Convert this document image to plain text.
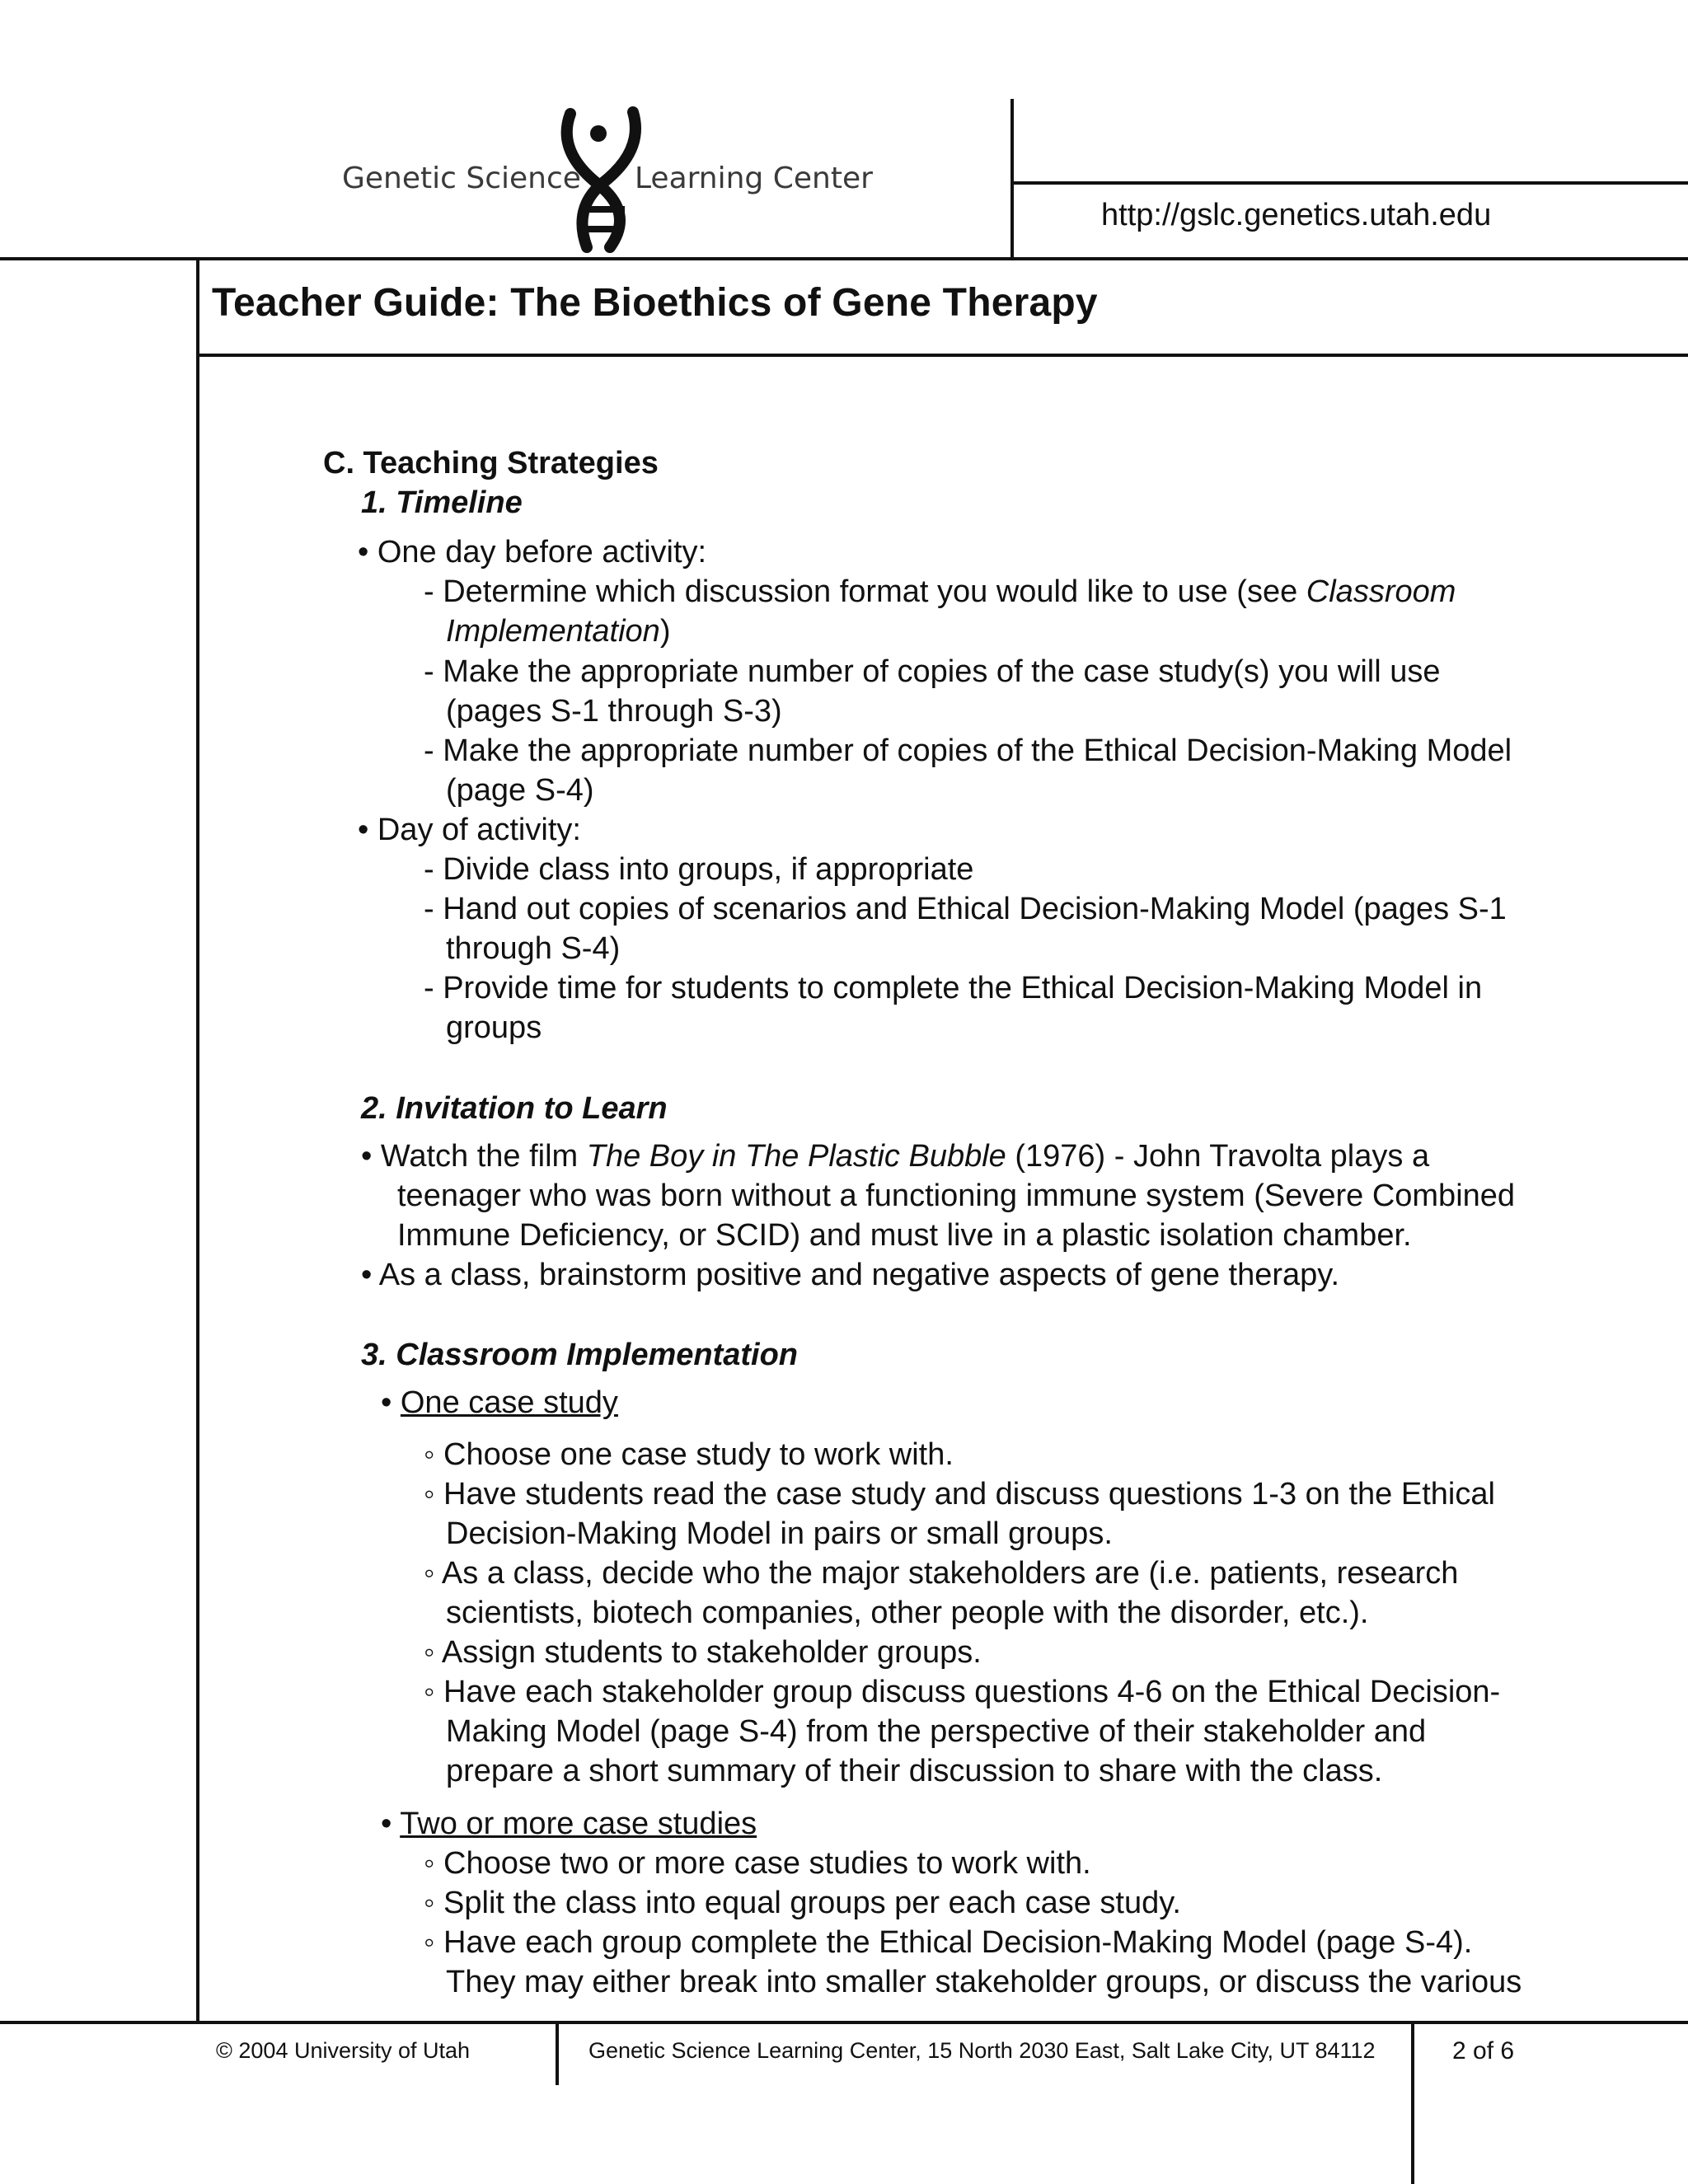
Genetic Science Learning Center
http://gslc.genetics.utah.edu
Teacher Guide: The Bioethics of Gene Therapy
C. Teaching Strategies
1. Timeline
• One day before activity:
- Determine which discussion format you would like to use (see Classroom
Implementation)
- Make the appropriate number of copies of the case study(s) you will use
(pages S-1 through S-3)
- Make the appropriate number of copies of the Ethical Decision-Making Model
(page S-4)
• Day of activity:
- Divide class into groups, if appropriate
- Hand out copies of scenarios and Ethical Decision-Making Model (pages S-1
through S-4)
- Provide time for students to complete the Ethical Decision-Making Model in
groups
2. Invitation to Learn
• Watch the film The Boy in The Plastic Bubble (1976) - John Travolta plays a
teenager who was born without a functioning immune system (Severe Combined
Immune Deficiency, or SCID) and must live in a plastic isolation chamber.
• As a class, brainstorm positive and negative aspects of gene therapy.
3. Classroom Implementation
• One case study
◦ Choose one case study to work with.
◦ Have students read the case study and discuss questions 1-3 on the Ethical
Decision-Making Model in pairs or small groups.
◦ As a class, decide who the major stakeholders are (i.e. patients, research
scientists, biotech companies, other people with the disorder, etc.).
◦ Assign students to stakeholder groups.
◦ Have each stakeholder group discuss questions 4-6 on the Ethical Decision-
Making Model (page S-4) from the perspective of their stakeholder and
prepare a short summary of their discussion to share with the class.
• Two or more case studies
◦ Choose two or more case studies to work with.
◦ Split the class into equal groups per each case study.
◦ Have each group complete the Ethical Decision-Making Model (page S-4).
They may either break into smaller stakeholder groups, or discuss the various
© 2004 University of Utah	Genetic Science Learning Center, 15 North 2030 East, Salt Lake City, UT 84112	2 of 6
